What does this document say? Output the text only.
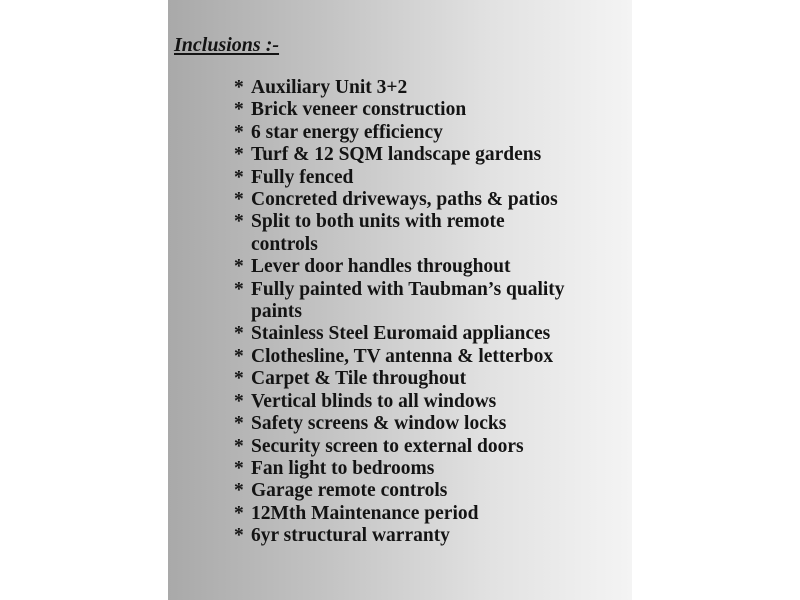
Inclusions :-
* Auxiliary Unit 3+2
* Brick veneer construction
* 6 star energy efficiency
* Turf & 12 SQM landscape gardens
* Fully fenced
* Concreted driveways, paths & patios
* Split to both units with remote
controls
* Lever door handles throughout
* Fully painted with Taubman’s quality
paints
* Stainless Steel Euromaid appliances
* Clothesline, TV antenna & letterbox
* Carpet & Tile throughout
* Vertical blinds to all windows
* Safety screens & window locks
* Security screen to external doors
* Fan light to bedrooms
* Garage remote controls
* 12Mth Maintenance period
* 6yr structural warranty
